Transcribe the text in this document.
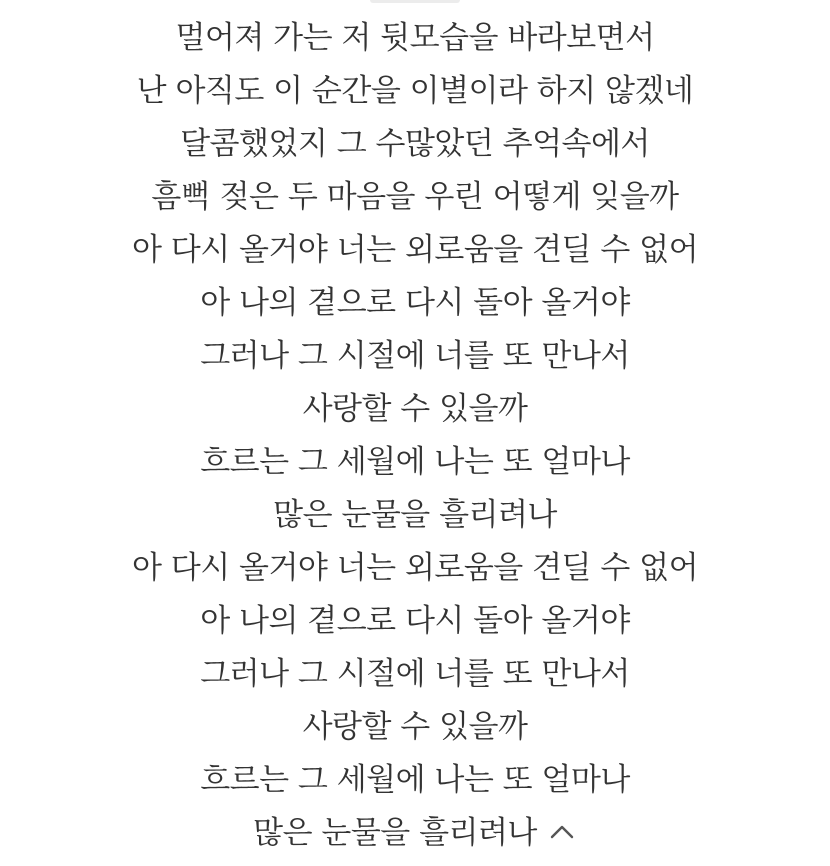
멀어져 가는 저 뒷모습을 바라보면서
난 아직도 이 순간을 이별이라 하지 않겠네
달콤했었지 그 수많았던 추억속에서
흠뻑 젖은 두 마음을 우린 어떻게 잊을까
아 다시 올거야 너는 외로움을 견딜 수 없어
아 나의 곁으로 다시 돌아 올거야
그러나 그 시절에 너를 또 만나서
사랑할 수 있을까
흐르는 그 세월에 나는 또 얼마나
많은 눈물을 흘리려나
아 다시 올거야 너는 외로움을 견딜 수 없어
아 나의 곁으로 다시 돌아 올거야
그러나 그 시절에 너를 또 만나서
사랑할 수 있을까
흐르는 그 세월에 나는 또 얼마나
많은 눈물을 흘리려나
